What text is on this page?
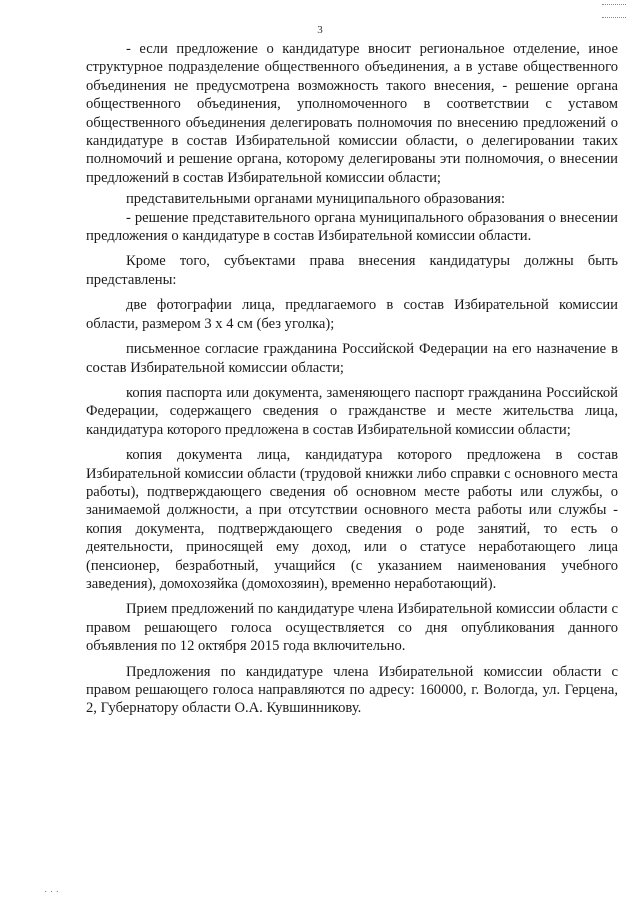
3

- если предложение о кандидатуре вносит региональное отделение, иное структурное подразделение общественного объединения, а в уставе общественного объединения не предусмотрена возможность такого внесения, - решение органа общественного объединения, уполномоченного в соответствии с уставом общественного объединения делегировать полномочия по внесению предложений о кандидатуре в состав Избирательной комиссии области, о делегировании таких полномочий и решение органа, которому делегированы эти полномочия, о внесении предложений в состав Избирательной комиссии области;

представительными органами муниципального образования:

- решение представительного органа муниципального образования о внесении предложения о кандидатуре в состав Избирательной комиссии области.

Кроме того, субъектами права внесения кандидатуры должны быть представлены:

две фотографии лица, предлагаемого в состав Избирательной комиссии области, размером 3 х 4 см (без уголка);

письменное согласие гражданина Российской Федерации на его назначение в состав Избирательной комиссии области;

копия паспорта или документа, заменяющего паспорт гражданина Российской Федерации, содержащего сведения о гражданстве и месте жительства лица, кандидатура которого предложена в состав Избирательной комиссии области;

копия документа лица, кандидатура которого предложена в состав Избирательной комиссии области (трудовой книжки либо справки с основного места работы), подтверждающего сведения об основном месте работы или службы, о занимаемой должности, а при отсутствии основного места работы или службы - копия документа, подтверждающего сведения о роде занятий, то есть о деятельности, приносящей ему доход, или о статусе неработающего лица (пенсионер, безработный, учащийся (с указанием наименования учебного заведения), домохозяйка (домохозяин), временно неработающий).

Прием предложений по кандидатуре члена Избирательной комиссии области с правом решающего голоса осуществляется со дня опубликования данного объявления по 12 октября 2015 года включительно.

Предложения по кандидатуре члена Избирательной комиссии области с правом решающего голоса направляются по адресу: 160000, г. Вологда, ул. Герцена, 2, Губернатору области О.А. Кувшинникову.

˙ ˙ ˙
